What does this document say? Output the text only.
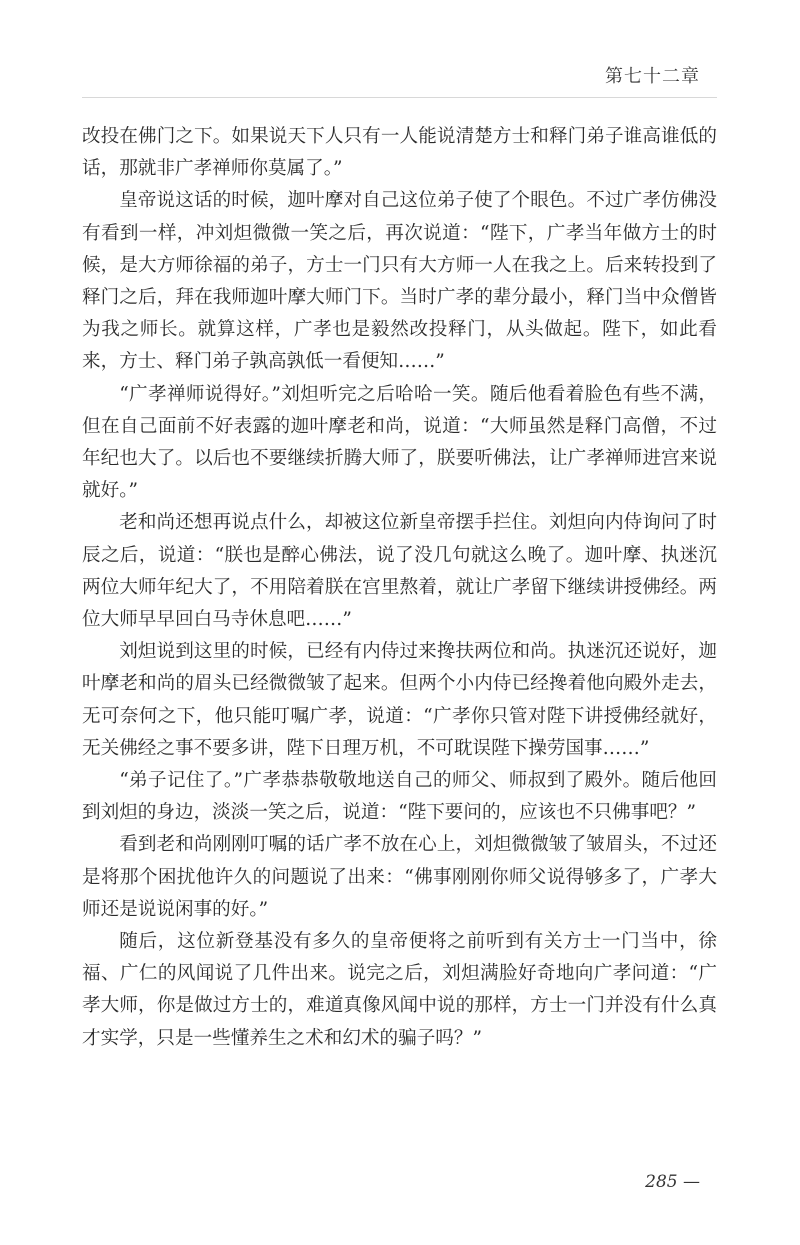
第七十二章

改投在佛门之下。如果说天下人只有一人能说清楚方士和释门弟子谁高谁低的话，那就非广孝禅师你莫属了。”

皇帝说这话的时候，迦叶摩对自己这位弟子使了个眼色。不过广孝仿佛没有看到一样，冲刘炟微微一笑之后，再次说道：“陛下，广孝当年做方士的时候，是大方师徐福的弟子，方士一门只有大方师一人在我之上。后来转投到了释门之后，拜在我师迦叶摩大师门下。当时广孝的辈分最小，释门当中众僧皆为我之师长。就算这样，广孝也是毅然改投释门，从头做起。陛下，如此看来，方士、释门弟子孰高孰低一看便知……”

“广孝禅师说得好。”刘炟听完之后哈哈一笑。随后他看着脸色有些不满，但在自己面前不好表露的迦叶摩老和尚，说道：“大师虽然是释门高僧，不过年纪也大了。以后也不要继续折腾大师了，朕要听佛法，让广孝禅师进宫来说就好。”

老和尚还想再说点什么，却被这位新皇帝摆手拦住。刘炟向内侍询问了时辰之后，说道：“朕也是醉心佛法，说了没几句就这么晚了。迦叶摩、执迷沉两位大师年纪大了，不用陪着朕在宫里熬着，就让广孝留下继续讲授佛经。两位大师早早回白马寺休息吧……”

刘炟说到这里的时候，已经有内侍过来搀扶两位和尚。执迷沉还说好，迦叶摩老和尚的眉头已经微微皱了起来。但两个小内侍已经搀着他向殿外走去，无可奈何之下，他只能叮嘱广孝，说道：“广孝你只管对陛下讲授佛经就好，无关佛经之事不要多讲，陛下日理万机，不可耽误陛下操劳国事……”

“弟子记住了。”广孝恭恭敬敬地送自己的师父、师叔到了殿外。随后他回到刘炟的身边，淡淡一笑之后，说道：“陛下要问的，应该也不只佛事吧？”

看到老和尚刚刚叮嘱的话广孝不放在心上，刘炟微微皱了皱眉头，不过还是将那个困扰他许久的问题说了出来：“佛事刚刚你师父说得够多了，广孝大师还是说说闲事的好。”

随后，这位新登基没有多久的皇帝便将之前听到有关方士一门当中，徐福、广仁的风闻说了几件出来。说完之后，刘炟满脸好奇地向广孝问道：“广孝大师，你是做过方士的，难道真像风闻中说的那样，方士一门并没有什么真才实学，只是一些懂养生之术和幻术的骗子吗？”

285 —
